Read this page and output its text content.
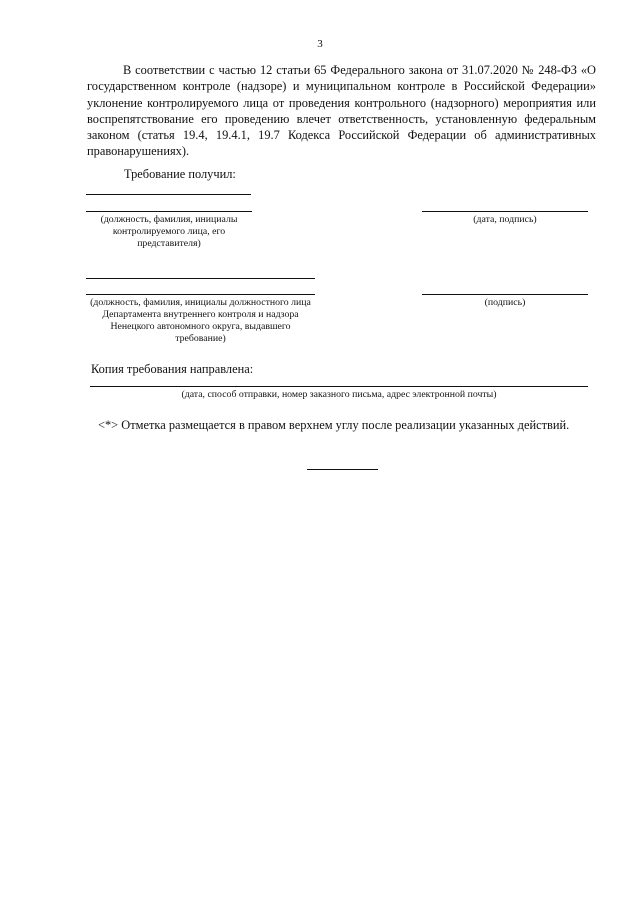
3
В соответствии с частью 12 статьи 65 Федерального закона от 31.07.2020 № 248-ФЗ «О государственном контроле (надзоре) и муниципальном контроле в Российской Федерации» уклонение контролируемого лица от проведения контрольного (надзорного) мероприятия или воспрепятствование его проведению влечет ответственность, установленную федеральным законом (статья 19.4, 19.4.1, 19.7 Кодекса Российской Федерации об административных правонарушениях).
Требование получил:
(должность, фамилия, инициалы контролируемого лица, его представителя)
(дата, подпись)
(должность, фамилия, инициалы должностного лица Департамента внутреннего контроля и надзора Ненецкого автономного округа, выдавшего требование)
(подпись)
Копия требования направлена:
(дата, способ отправки, номер заказного письма, адрес электронной почты)
<*> Отметка размещается в правом верхнем углу после реализации указанных действий.
